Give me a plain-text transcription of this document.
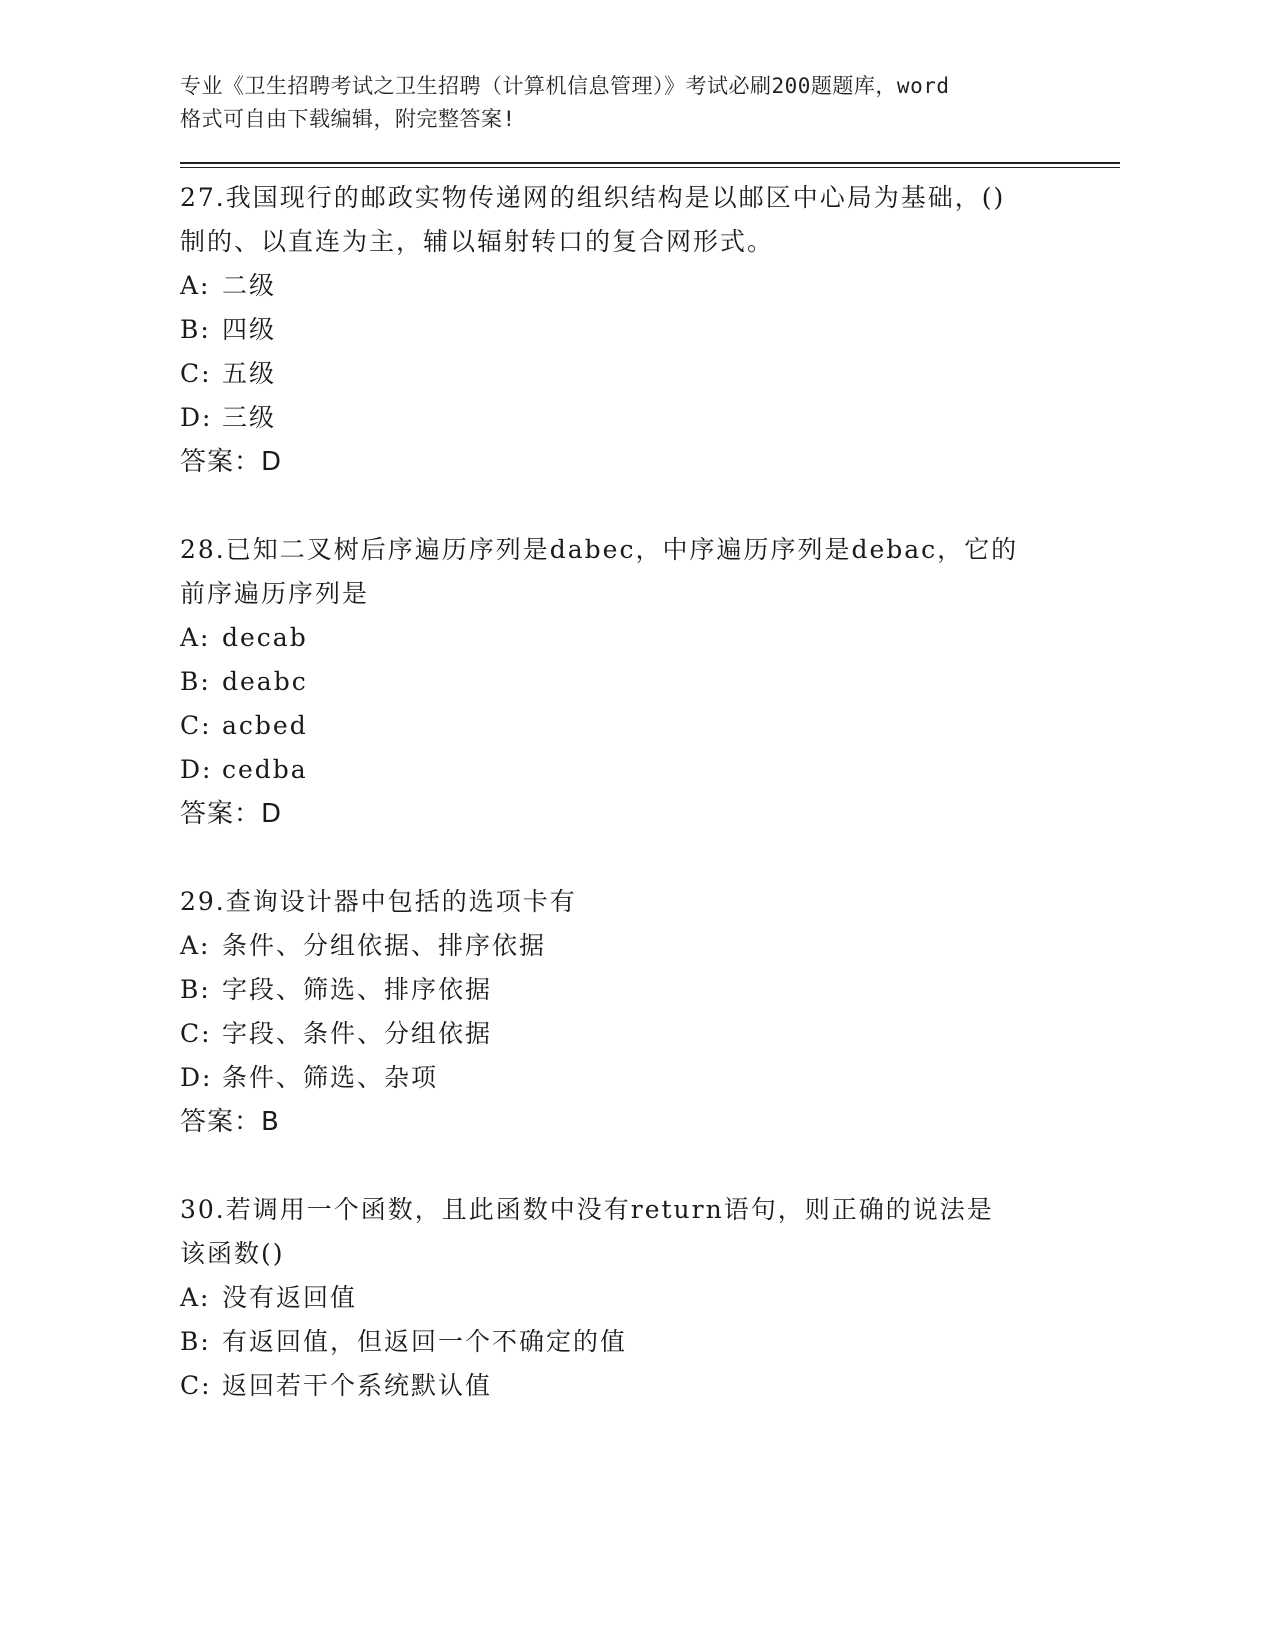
专业《卫生招聘考试之卫生招聘（计算机信息管理）》考试必刷200题题库，word
格式可自由下载编辑，附完整答案!
27.我国现行的邮政实物传递网的组织结构是以邮区中心局为基础，()
制的、以直连为主，辅以辐射转口的复合网形式。
A: 二级
B: 四级
C: 五级
D: 三级
答案：D
28.已知二叉树后序遍历序列是dabec，中序遍历序列是debac，它的
前序遍历序列是
A: decab
B: deabc
C: acbed
D: cedba
答案：D
29.查询设计器中包括的选项卡有
A: 条件、分组依据、排序依据
B: 字段、筛选、排序依据
C: 字段、条件、分组依据
D: 条件、筛选、杂项
答案：B
30.若调用一个函数，且此函数中没有return语句，则正确的说法是
该函数()
A: 没有返回值
B: 有返回值，但返回一个不确定的值
C: 返回若干个系统默认值
